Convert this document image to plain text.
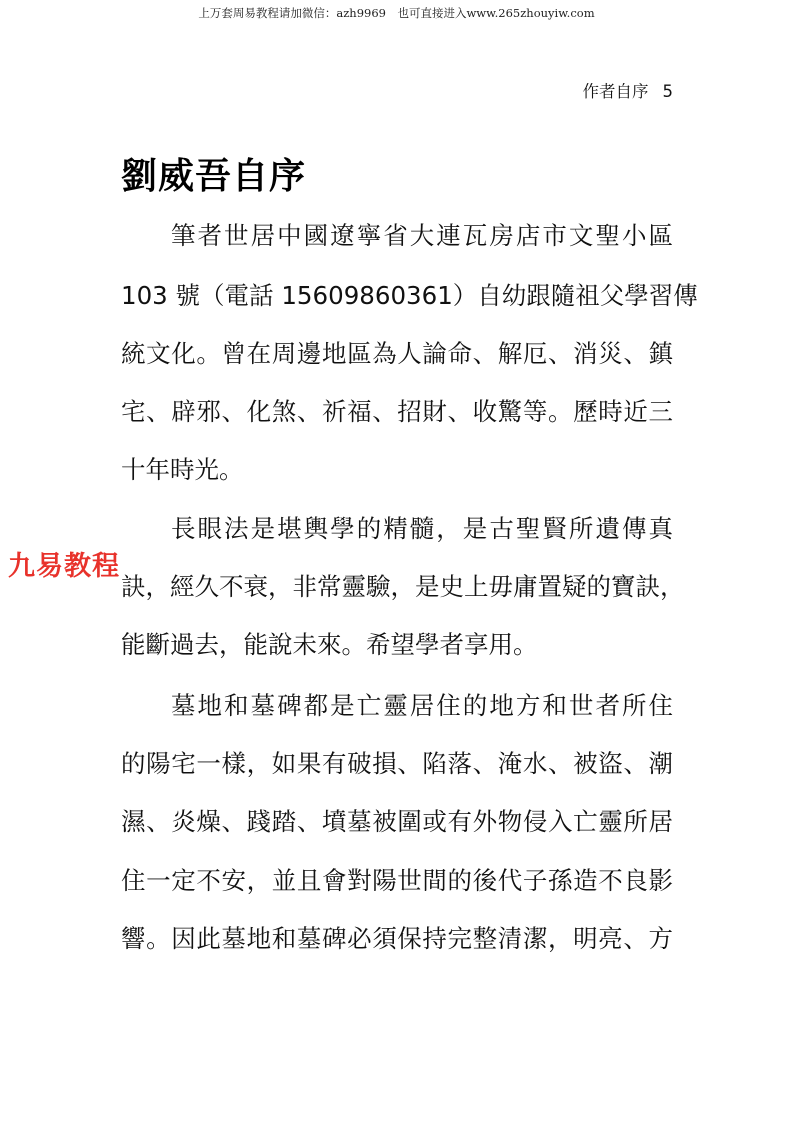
上万套周易教程请加微信：azh9969　也可直接进入www.265zhouyiw.com
作者自序 5
劉威吾自序
九易教程
筆者世居中國遼寧省大連瓦房店市文聖小區
103 號（電話 15609860361）自幼跟隨祖父學習傳
統文化。曾在周邊地區為人論命、解厄、消災、鎮
宅、辟邪、化煞、祈福、招財、收驚等。歷時近三
十年時光。
長眼法是堪輿學的精髓，是古聖賢所遺傳真
訣，經久不衰，非常靈驗，是史上毋庸置疑的寶訣，
能斷過去，能說未來。希望學者享用。
墓地和墓碑都是亡靈居住的地方和世者所住
的陽宅一樣，如果有破損、陷落、淹水、被盜、潮
濕、炎燥、踐踏、墳墓被圍或有外物侵入亡靈所居
住一定不安，並且會對陽世間的後代子孫造不良影
響。因此墓地和墓碑必須保持完整清潔，明亮、方
